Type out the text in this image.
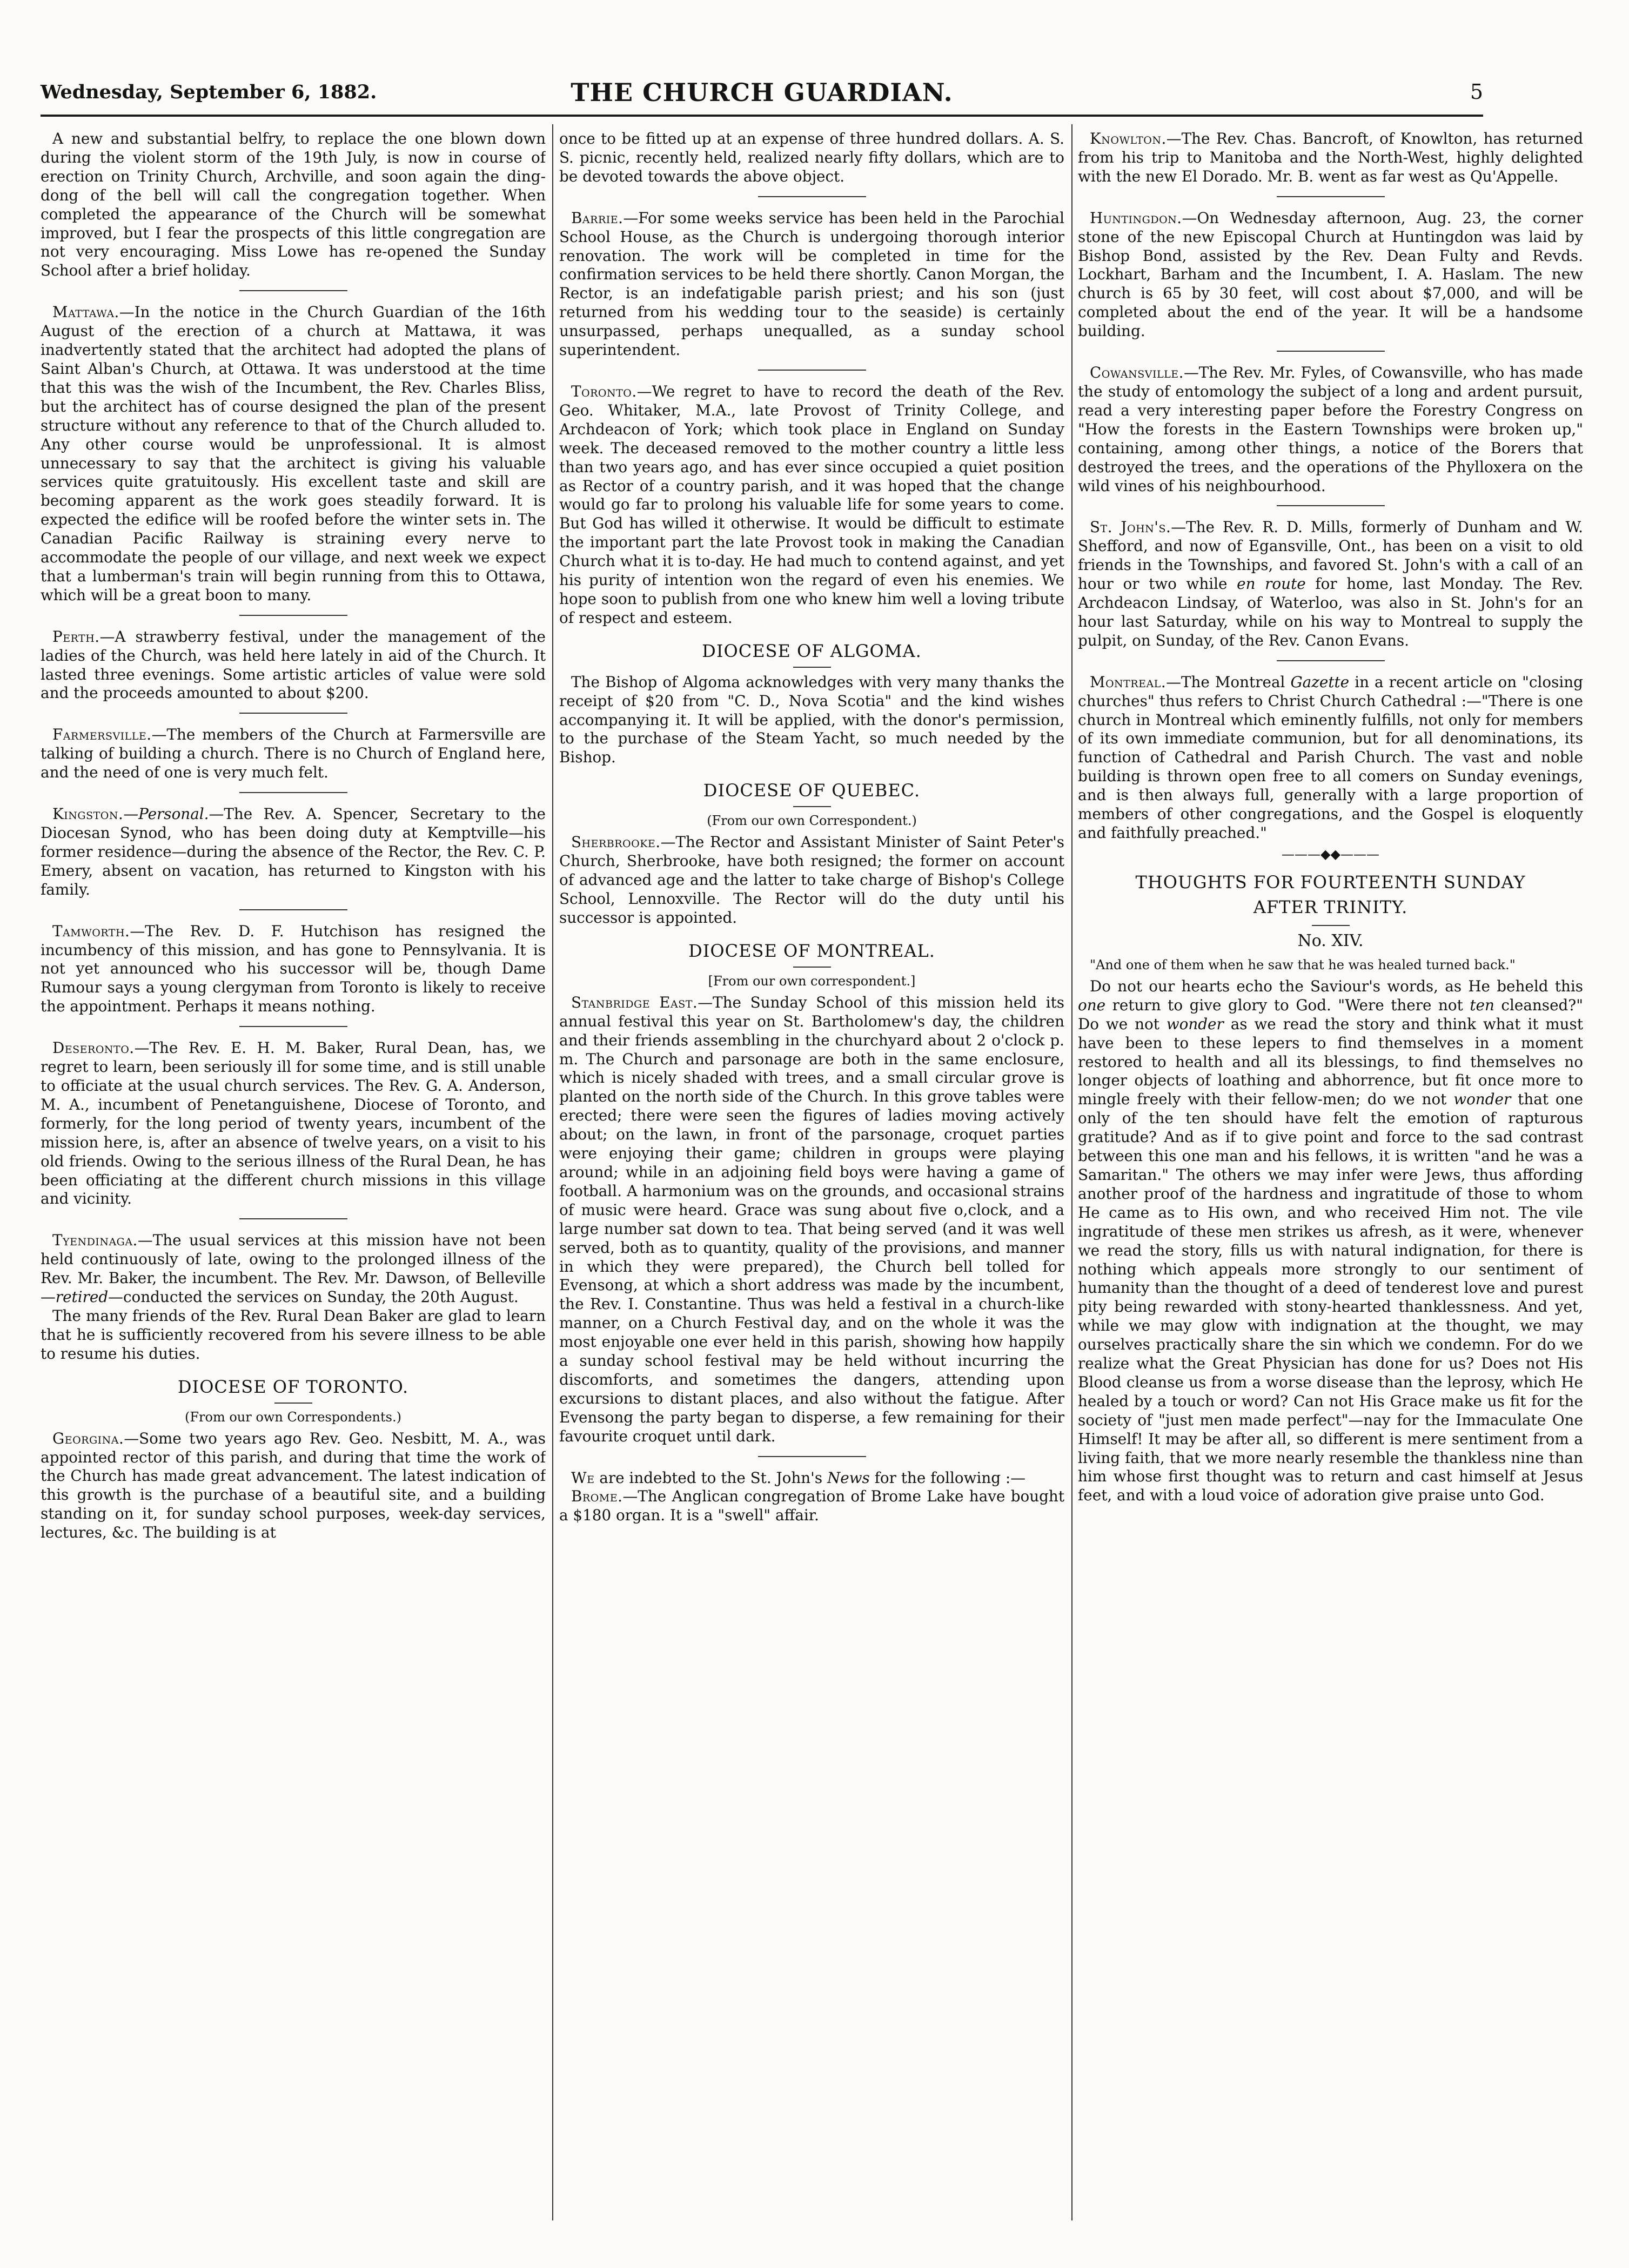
Wednesday, September 6, 1882.	THE CHURCH GUARDIAN.	5

A new and substantial belfry, to replace the one blown down during the violent storm of the 19th July, is now in course of erection on Trinity Church, Archville, and soon again the ding-dong of the bell will call the congregation together. When completed the appearance of the Church will be somewhat improved, but I fear the prospects of this little congregation are not very encouraging. Miss Lowe has re-opened the Sunday School after a brief holiday.

Mattawa.—In the notice in the Church Guardian of the 16th August of the erection of a church at Mattawa, it was inadvertently stated that the architect had adopted the plans of Saint Alban's Church, at Ottawa. It was understood at the time that this was the wish of the Incumbent, the Rev. Charles Bliss, but the architect has of course designed the plan of the present structure without any reference to that of the Church alluded to. Any other course would be unprofessional. It is almost unnecessary to say that the architect is giving his valuable services quite gratuitously. His excellent taste and skill are becoming apparent as the work goes steadily forward. It is expected the edifice will be roofed before the winter sets in. The Canadian Pacific Railway is straining every nerve to accommodate the people of our village, and next week we expect that a lumberman's train will begin running from this to Ottawa, which will be a great boon to many.

Perth.—A strawberry festival, under the management of the ladies of the Church, was held here lately in aid of the Church. It lasted three evenings. Some artistic articles of value were sold and the proceeds amounted to about $200.

Farmersville.—The members of the Church at Farmersville are talking of building a church. There is no Church of England here, and the need of one is very much felt.

Kingston.—Personal.—The Rev. A. Spencer, Secretary to the Diocesan Synod, who has been doing duty at Kemptville—his former residence—during the absence of the Rector, the Rev. C. P. Emery, absent on vacation, has returned to Kingston with his family.

Tamworth.—The Rev. D. F. Hutchison has resigned the incumbency of this mission, and has gone to Pennsylvania. It is not yet announced who his successor will be, though Dame Rumour says a young clergyman from Toronto is likely to receive the appointment. Perhaps it means nothing.

Deseronto.—The Rev. E. H. M. Baker, Rural Dean, has, we regret to learn, been seriously ill for some time, and is still unable to officiate at the usual church services. The Rev. G. A. Anderson, M. A., incumbent of Penetanguishene, Diocese of Toronto, and formerly, for the long period of twenty years, incumbent of the mission here, is, after an absence of twelve years, on a visit to his old friends. Owing to the serious illness of the Rural Dean, he has been officiating at the different church missions in this village and vicinity.

Tyendinaga.—The usual services at this mission have not been held continuously of late, owing to the prolonged illness of the Rev. Mr. Baker, the incumbent. The Rev. Mr. Dawson, of Belleville—retired—conducted the services on Sunday, the 20th August.

The many friends of the Rev. Rural Dean Baker are glad to learn that he is sufficiently recovered from his severe illness to be able to resume his duties.

DIOCESE OF TORONTO.
(From our own Correspondents.)

Georgina.—Some two years ago Rev. Geo. Nesbitt, M. A., was appointed rector of this parish, and during that time the work of the Church has made great advancement. The latest indication of this growth is the purchase of a beautiful site, and a building standing on it, for sunday school purposes, week-day services, lectures, &c. The building is at

once to be fitted up at an expense of three hundred dollars. A. S. S. picnic, recently held, realized nearly fifty dollars, which are to be devoted towards the above object.

Barrie.—For some weeks service has been held in the Parochial School House, as the Church is undergoing thorough interior renovation. The work will be completed in time for the confirmation services to be held there shortly. Canon Morgan, the Rector, is an indefatigable parish priest; and his son (just returned from his wedding tour to the seaside) is certainly unsurpassed, perhaps unequalled, as a sunday school superintendent.

Toronto.—We regret to have to record the death of the Rev. Geo. Whitaker, M.A., late Provost of Trinity College, and Archdeacon of York; which took place in England on Sunday week. The deceased removed to the mother country a little less than two years ago, and has ever since occupied a quiet position as Rector of a country parish, and it was hoped that the change would go far to prolong his valuable life for some years to come. But God has willed it otherwise. It would be difficult to estimate the important part the late Provost took in making the Canadian Church what it is to-day. He had much to contend against, and yet his purity of intention won the regard of even his enemies. We hope soon to publish from one who knew him well a loving tribute of respect and esteem.

DIOCESE OF ALGOMA.

The Bishop of Algoma acknowledges with very many thanks the receipt of $20 from "C. D., Nova Scotia" and the kind wishes accompanying it. It will be applied, with the donor's permission, to the purchase of the Steam Yacht, so much needed by the Bishop.

DIOCESE OF QUEBEC.
(From our own Correspondent.)

Sherbrooke.—The Rector and Assistant Minister of Saint Peter's Church, Sherbrooke, have both resigned; the former on account of advanced age and the latter to take charge of Bishop's College School, Lennoxville. The Rector will do the duty until his successor is appointed.

DIOCESE OF MONTREAL.
[From our own correspondent.]

Stanbridge East.—The Sunday School of this mission held its annual festival this year on St. Bartholomew's day, the children and their friends assembling in the churchyard about 2 o'clock p. m. The Church and parsonage are both in the same enclosure, which is nicely shaded with trees, and a small circular grove is planted on the north side of the Church. In this grove tables were erected; there were seen the figures of ladies moving actively about; on the lawn, in front of the parsonage, croquet parties were enjoying their game; children in groups were playing around; while in an adjoining field boys were having a game of football. A harmonium was on the grounds, and occasional strains of music were heard. Grace was sung about five o,clock, and a large number sat down to tea. That being served (and it was well served, both as to quantity, quality of the provisions, and manner in which they were prepared), the Church bell tolled for Evensong, at which a short address was made by the incumbent, the Rev. I. Constantine. Thus was held a festival in a church-like manner, on a Church Festival day, and on the whole it was the most enjoyable one ever held in this parish, showing how happily a sunday school festival may be held without incurring the discomforts, and sometimes the dangers, attending upon excursions to distant places, and also without the fatigue. After Evensong the party began to disperse, a few remaining for their favourite croquet until dark.

We are indebted to the St. John's News for the following :—

Brome.—The Anglican congregation of Brome Lake have bought a $180 organ. It is a "swell" affair.

Knowlton.—The Rev. Chas. Bancroft, of Knowlton, has returned from his trip to Manitoba and the North-West, highly delighted with the new El Dorado. Mr. B. went as far west as Qu'Appelle.

Huntingdon.—On Wednesday afternoon, Aug. 23, the corner stone of the new Episcopal Church at Huntingdon was laid by Bishop Bond, assisted by the Rev. Dean Fulty and Revds. Lockhart, Barham and the Incumbent, I. A. Haslam. The new church is 65 by 30 feet, will cost about $7,000, and will be completed about the end of the year. It will be a handsome building.

Cowansville.—The Rev. Mr. Fyles, of Cowansville, who has made the study of entomology the subject of a long and ardent pursuit, read a very interesting paper before the Forestry Congress on "How the forests in the Eastern Townships were broken up," containing, among other things, a notice of the Borers that destroyed the trees, and the operations of the Phylloxera on the wild vines of his neighbourhood.

St. John's.—The Rev. R. D. Mills, formerly of Dunham and W. Shefford, and now of Egansville, Ont., has been on a visit to old friends in the Townships, and favored St. John's with a call of an hour or two while en route for home, last Monday. The Rev. Archdeacon Lindsay, of Waterloo, was also in St. John's for an hour last Saturday, while on his way to Montreal to supply the pulpit, on Sunday, of the Rev. Canon Evans.

Montreal.—The Montreal Gazette in a recent article on "closing churches" thus refers to Christ Church Cathedral :—"There is one church in Montreal which eminently fulfills, not only for members of its own immediate communion, but for all denominations, its function of Cathedral and Parish Church. The vast and noble building is thrown open free to all comers on Sunday evenings, and is then always full, generally with a large proportion of members of other congregations, and the Gospel is eloquently and faithfully preached."

———◆◆———
THOUGHTS FOR FOURTEENTH SUNDAY
AFTER TRINITY.
No. XIV.
"And one of them when he saw that he was healed turned back."

Do not our hearts echo the Saviour's words, as He beheld this one return to give glory to God. "Were there not ten cleansed?" Do we not wonder as we read the story and think what it must have been to these lepers to find themselves in a moment restored to health and all its blessings, to find themselves no longer objects of loathing and abhorrence, but fit once more to mingle freely with their fellow-men; do we not wonder that one only of the ten should have felt the emotion of rapturous gratitude? And as if to give point and force to the sad contrast between this one man and his fellows, it is written "and he was a Samaritan." The others we may infer were Jews, thus affording another proof of the hardness and ingratitude of those to whom He came as to His own, and who received Him not. The vile ingratitude of these men strikes us afresh, as it were, whenever we read the story, fills us with natural indignation, for there is nothing which appeals more strongly to our sentiment of humanity than the thought of a deed of tenderest love and purest pity being rewarded with stony-hearted thanklessness. And yet, while we may glow with indignation at the thought, we may ourselves practically share the sin which we condemn. For do we realize what the Great Physician has done for us? Does not His Blood cleanse us from a worse disease than the leprosy, which He healed by a touch or word? Can not His Grace make us fit for the society of "just men made perfect"—nay for the Immaculate One Himself! It may be after all, so different is mere sentiment from a living faith, that we more nearly resemble the thankless nine than him whose first thought was to return and cast himself at Jesus feet, and with a loud voice of adoration give praise unto God.
